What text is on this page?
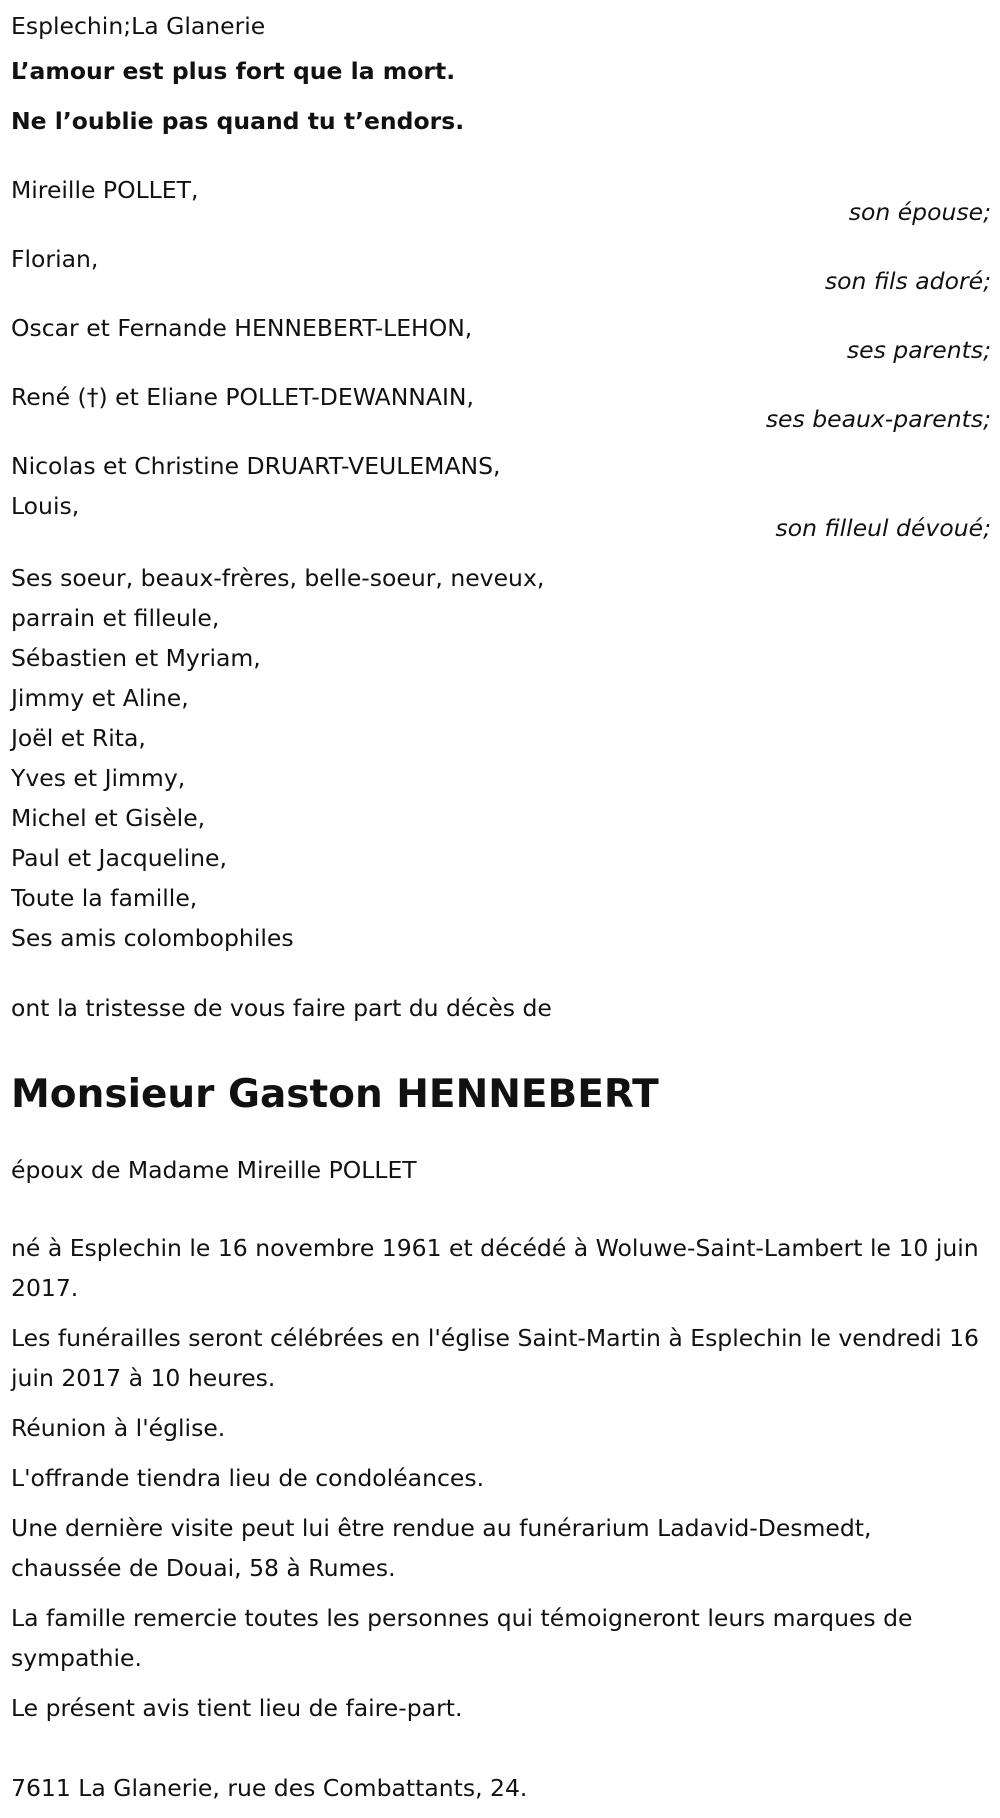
Esplechin;La Glanerie

L’amour est plus fort que la mort.

Ne l’oublie pas quand tu t’endors.

Mireille POLLET,
son épouse;
Florian,
son fils adoré;
Oscar et Fernande HENNEBERT-LEHON,
ses parents;
René (†) et Eliane POLLET-DEWANNAIN,
ses beaux-parents;
Nicolas et Christine DRUART-VEULEMANS,
Louis,
son filleul dévoué;

Ses soeur, beaux-frères, belle-soeur, neveux,

parrain et filleule,

Sébastien et Myriam,

Jimmy et Aline,

Joël et Rita,

Yves et Jimmy,

Michel et Gisèle,

Paul et Jacqueline,

Toute la famille,

Ses amis colombophiles

ont la tristesse de vous faire part du décès de

Monsieur Gaston HENNEBERT

époux de Madame Mireille POLLET

né à Esplechin le 16 novembre 1961 et décédé à Woluwe-Saint-Lambert le 10 juin 2017.

Les funérailles seront célébrées en l'église Saint-Martin à Esplechin le vendredi 16 juin 2017 à 10 heures.

Réunion à l'église.

L'offrande tiendra lieu de condoléances.

Une dernière visite peut lui être rendue au funérarium Ladavid-Desmedt, chaussée de Douai, 58 à Rumes.

La famille remercie toutes les personnes qui témoigneront leurs marques de sympathie.

Le présent avis tient lieu de faire-part.

7611 La Glanerie, rue des Combattants, 24.
